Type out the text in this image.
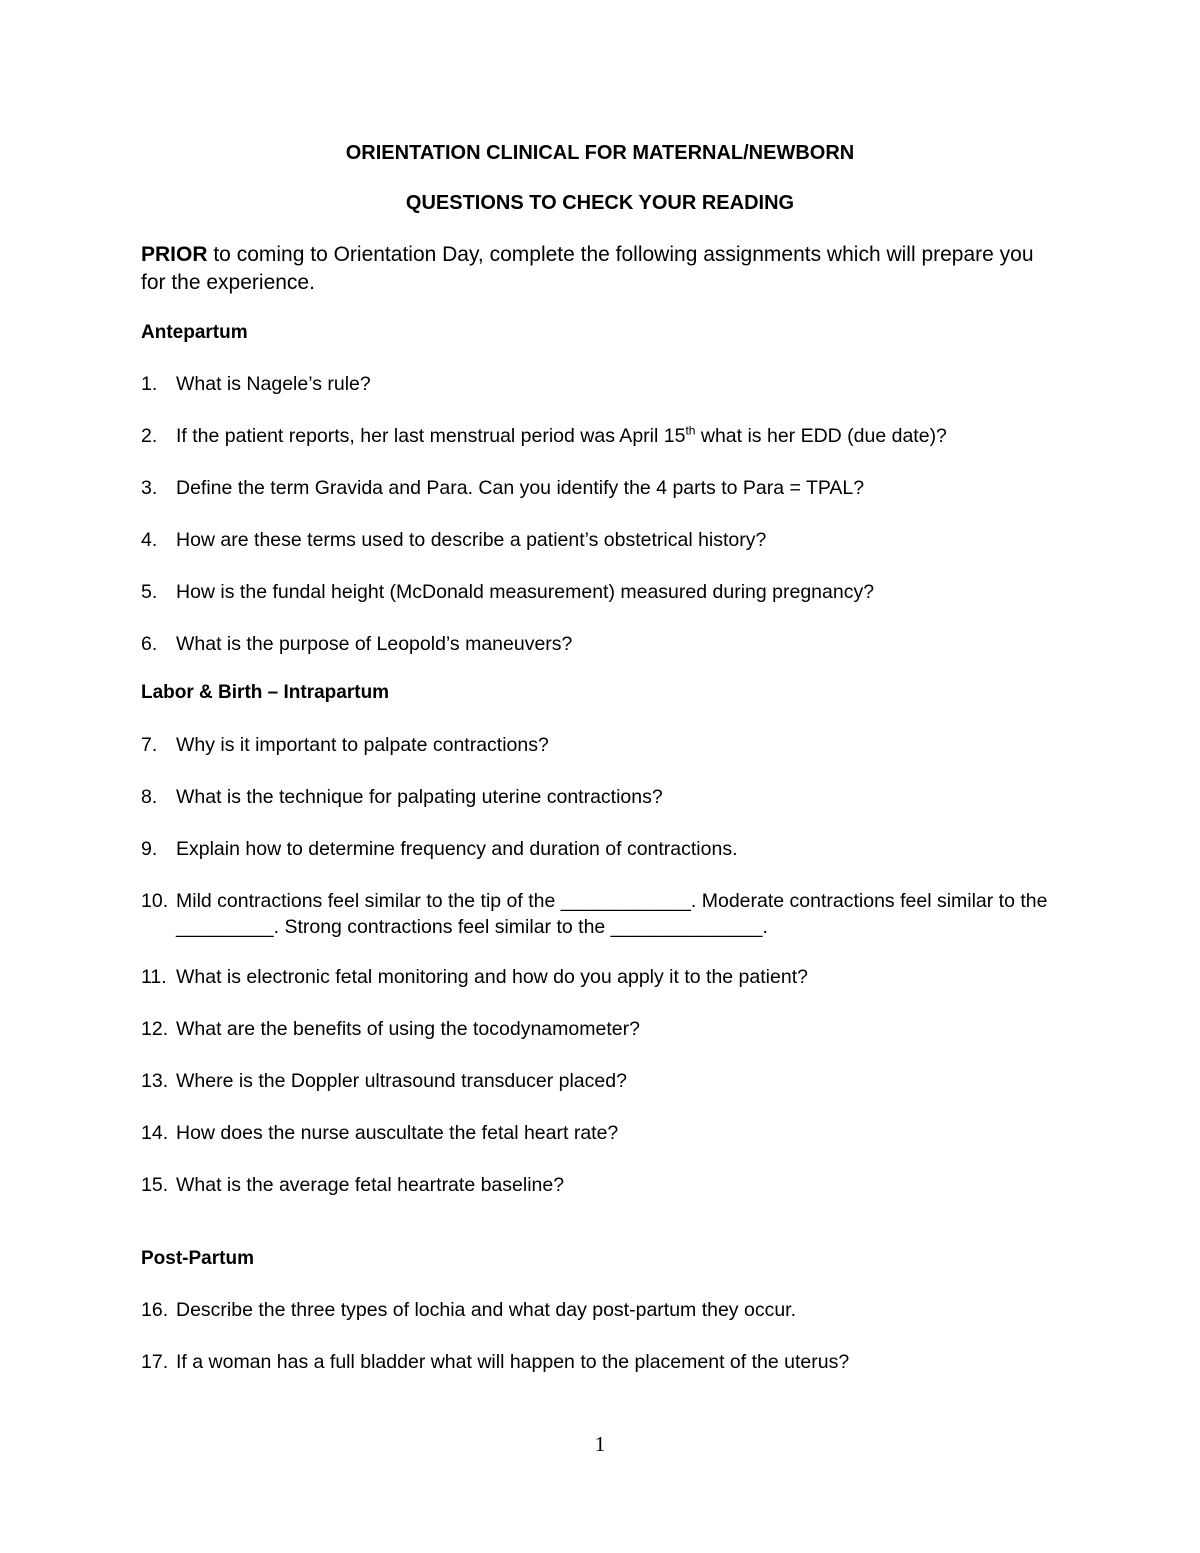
ORIENTATION CLINICAL FOR MATERNAL/NEWBORN
QUESTIONS TO CHECK YOUR READING
PRIOR to coming to Orientation Day, complete the following assignments which will prepare you for the experience.
Antepartum
1. What is Nagele’s rule?
2. If the patient reports, her last menstrual period was April 15th what is her EDD (due date)?
3. Define the term Gravida and Para. Can you identify the 4 parts to Para = TPAL?
4. How are these terms used to describe a patient’s obstetrical history?
5. How is the fundal height (McDonald measurement) measured during pregnancy?
6. What is the purpose of Leopold’s maneuvers?
Labor & Birth – Intrapartum
7. Why is it important to palpate contractions?
8. What is the technique for palpating uterine contractions?
9. Explain how to determine frequency and duration of contractions.
10. Mild contractions feel similar to the tip of the ____________. Moderate contractions feel similar to the _________. Strong contractions feel similar to the ______________.
11. What is electronic fetal monitoring and how do you apply it to the patient?
12. What are the benefits of using the tocodynamometer?
13. Where is the Doppler ultrasound transducer placed?
14. How does the nurse auscultate the fetal heart rate?
15. What is the average fetal heartrate baseline?
Post-Partum
16. Describe the three types of lochia and what day post-partum they occur.
17. If a woman has a full bladder what will happen to the placement of the uterus?
1
